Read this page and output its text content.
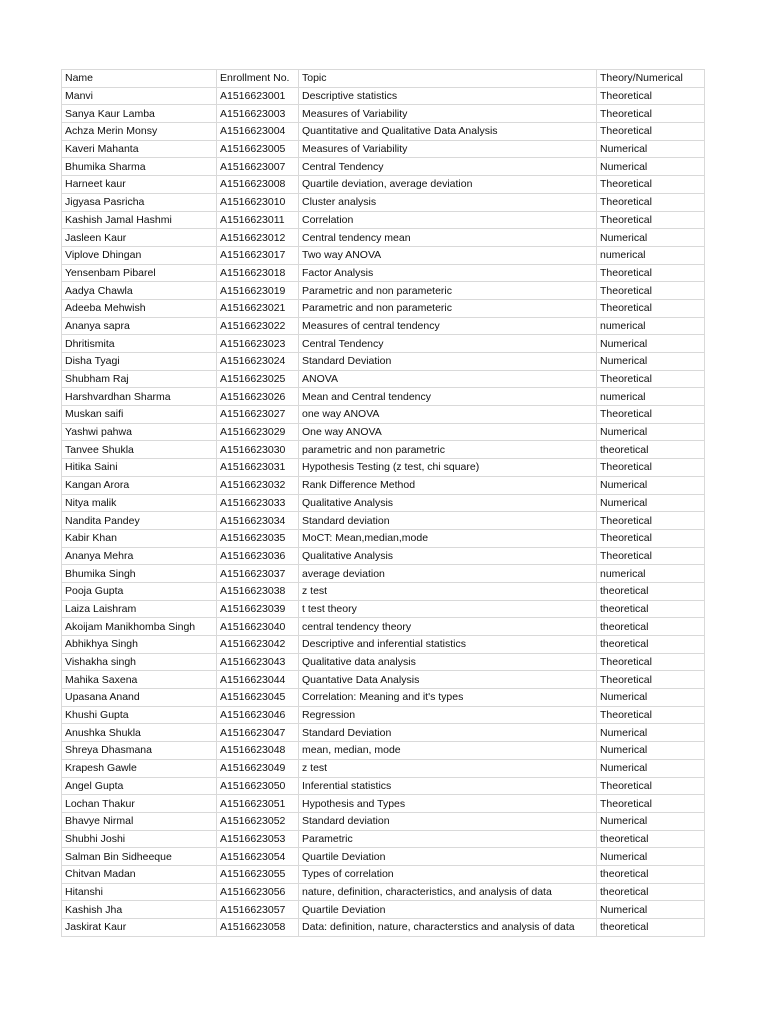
Name	Enrollment No.	Topic	Theory/Numerical
Manvi	A1516623001	Descriptive statistics	Theoretical
Sanya Kaur Lamba	A1516623003	Measures of Variability	Theoretical
Achza Merin Monsy	A1516623004	Quantitative and Qualitative Data Analysis	Theoretical
Kaveri Mahanta	A1516623005	Measures of Variability	Numerical
Bhumika Sharma	A1516623007	Central Tendency	Numerical
Harneet kaur	A1516623008	Quartile deviation, average deviation	Theoretical
Jigyasa Pasricha	A1516623010	Cluster analysis	Theoretical
Kashish Jamal Hashmi	A1516623011	Correlation	Theoretical
Jasleen Kaur	A1516623012	Central tendency mean	Numerical
Viplove Dhingan	A1516623017	Two way ANOVA	numerical
Yensenbam Pibarel	A1516623018	Factor Analysis	Theoretical
Aadya Chawla	A1516623019	Parametric and non parameteric	Theoretical
Adeeba Mehwish	A1516623021	Parametric and non parameteric	Theoretical
Ananya sapra	A1516623022	Measures of central tendency	numerical
Dhritismita	A1516623023	Central Tendency	Numerical
Disha Tyagi	A1516623024	Standard Deviation	Numerical
Shubham Raj	A1516623025	ANOVA	Theoretical
Harshvardhan Sharma	A1516623026	Mean and Central tendency	numerical
Muskan saifi	A1516623027	one way ANOVA	Theoretical
Yashwi pahwa	A1516623029	One way ANOVA	Numerical
Tanvee Shukla	A1516623030	parametric and non parametric	theoretical
Hitika Saini	A1516623031	Hypothesis Testing (z test, chi square)	Theoretical
Kangan Arora	A1516623032	Rank Difference Method	Numerical
Nitya malik	A1516623033	Qualitative Analysis	Numerical
Nandita Pandey	A1516623034	Standard deviation	Theoretical
Kabir Khan	A1516623035	MoCT: Mean,median,mode	Theoretical
Ananya Mehra	A1516623036	Qualitative Analysis	Theoretical
Bhumika Singh	A1516623037	average deviation	numerical
Pooja Gupta	A1516623038	z test	theoretical
Laiza Laishram	A1516623039	t test theory	theoretical
Akoijam Manikhomba Singh	A1516623040	central tendency theory	theoretical
Abhikhya Singh	A1516623042	Descriptive and inferential statistics	theoretical
Vishakha singh	A1516623043	Qualitative data analysis	Theoretical
Mahika Saxena	A1516623044	Quantative Data Analysis	Theoretical
Upasana Anand	A1516623045	Correlation: Meaning and it's types	Numerical
Khushi Gupta	A1516623046	Regression	Theoretical
Anushka Shukla	A1516623047	Standard Deviation	Numerical
Shreya Dhasmana	A1516623048	mean, median, mode	Numerical
Krapesh Gawle	A1516623049	z test	Numerical
Angel Gupta	A1516623050	Inferential statistics	Theoretical
Lochan Thakur	A1516623051	Hypothesis and Types	Theoretical
Bhavye Nirmal	A1516623052	Standard deviation	Numerical
Shubhi Joshi	A1516623053	Parametric	theoretical
Salman Bin Sidheeque	A1516623054	Quartile Deviation	Numerical
Chitvan Madan	A1516623055	Types of correlation	theoretical
Hitanshi	A1516623056	nature, definition, characteristics, and analysis of data	theoretical
Kashish Jha	A1516623057	Quartile Deviation	Numerical
Jaskirat Kaur	A1516623058	Data: definition, nature, characterstics and analysis of data	theoretical
